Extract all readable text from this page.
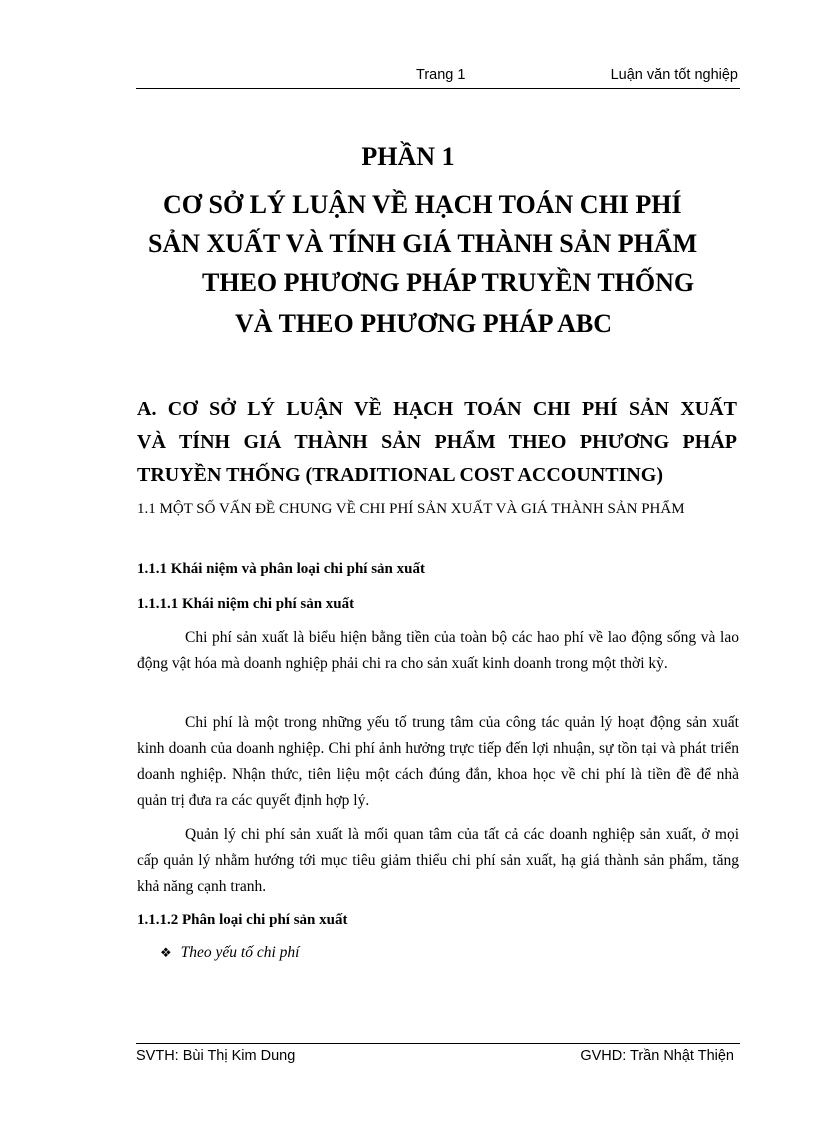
Trang 1	Luận văn tốt nghiệp
PHẦN 1
CƠ SỞ LÝ LUẬN VỀ HẠCH TOÁN CHI PHÍ
SẢN XUẤT VÀ TÍNH GIÁ THÀNH SẢN PHẨM
THEO PHƯƠNG PHÁP TRUYỀN THỐNG
VÀ THEO PHƯƠNG PHÁP ABC
A. CƠ SỞ LÝ LUẬN VỀ HẠCH TOÁN CHI PHÍ SẢN XUẤT
VÀ TÍNH GIÁ THÀNH SẢN PHẨM THEO PHƯƠNG PHÁP
TRUYỀN THỐNG (TRADITIONAL COST ACCOUNTING)
1.1 MỘT SỐ VẤN ĐỀ CHUNG VỀ CHI PHÍ SẢN XUẤT VÀ GIÁ THÀNH SẢN PHẨM
1.1.1 Khái niệm và phân loại chi phí sản xuất
1.1.1.1 Khái niệm chi phí sản xuất

Chi phí sản xuất là biểu hiện bằng tiền của toàn bộ các hao phí về lao động sống và lao động vật hóa mà doanh nghiệp phải chi ra cho sản xuất kinh doanh trong một thời kỳ.

Chi phí là một trong những yếu tố trung tâm của công tác quản lý hoạt động sản xuất kinh doanh của doanh nghiệp. Chi phí ảnh hưởng trực tiếp đến lợi nhuận, sự tồn tại và phát triển doanh nghiệp. Nhận thức, tiên liệu một cách đúng đắn, khoa học về chi phí là tiền đề để nhà quản trị đưa ra các quyết định hợp lý.

Quản lý chi phí sản xuất là mối quan tâm của tất cả các doanh nghiệp sản xuất, ở mọi cấp quản lý nhằm hướng tới mục tiêu giảm thiểu chi phí sản xuất, hạ giá thành sản phẩm, tăng khả năng cạnh tranh.

1.1.1.2 Phân loại chi phí sản xuất
❖ Theo yếu tố chi phí
SVTH: Bùi Thị Kim Dung	GVHD: Trần Nhật Thiện
